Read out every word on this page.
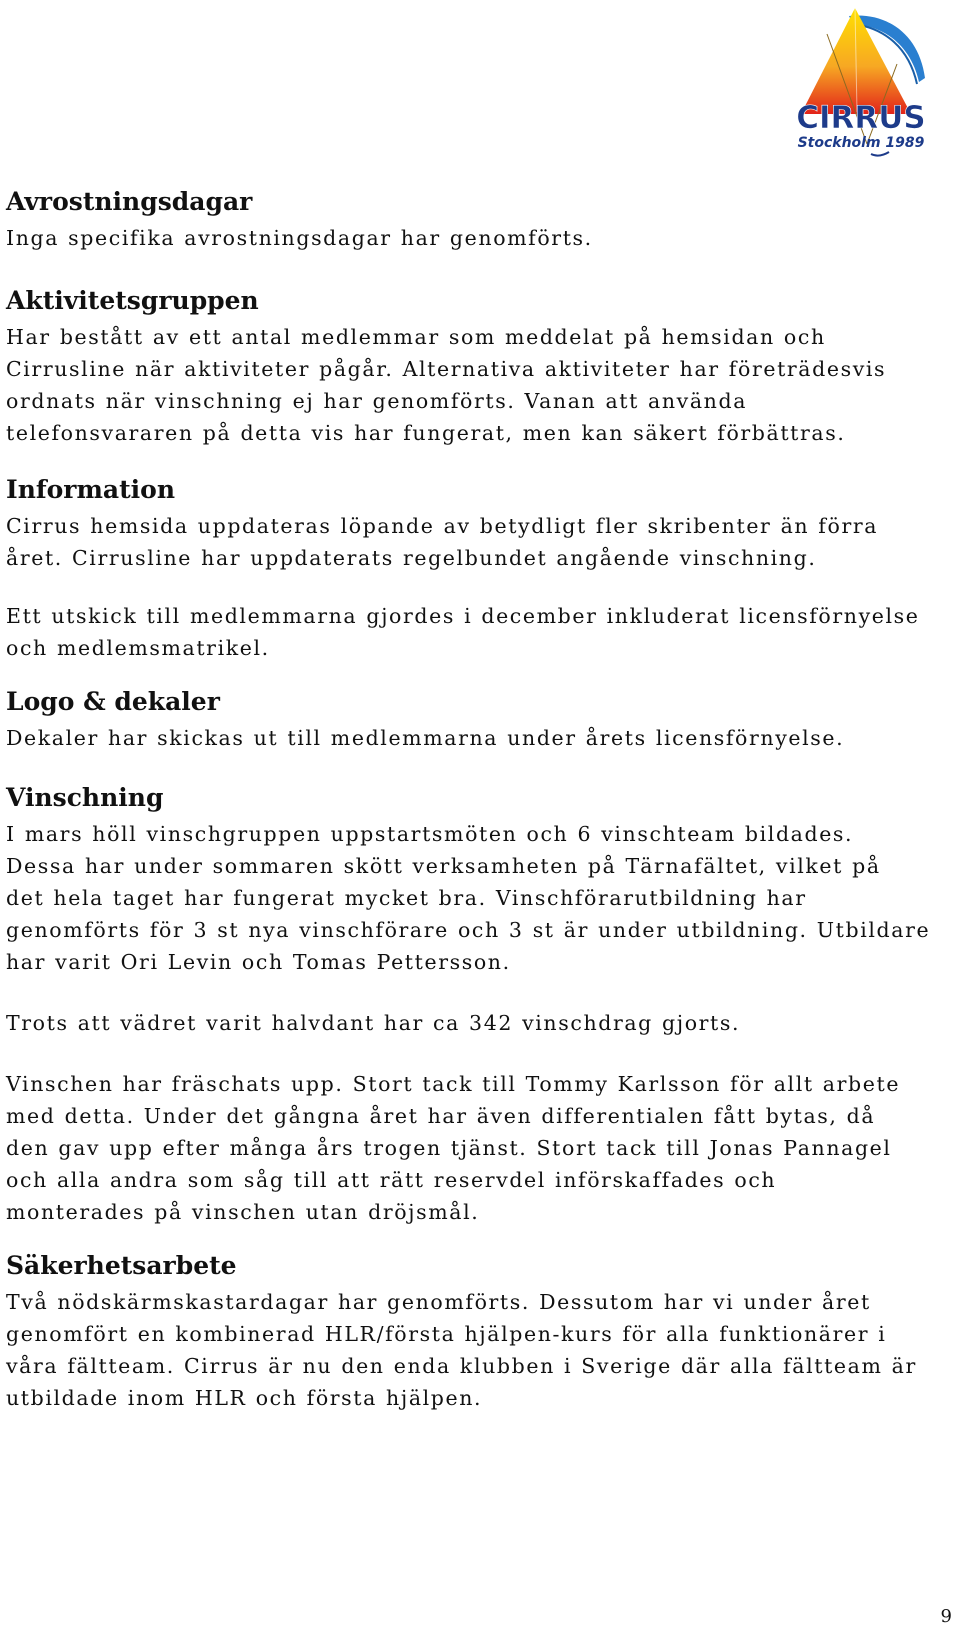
CIRRUS
Stockholm 1989
Avrostningsdagar

Inga specifika avrostningsdagar har genomförts.

Aktivitetsgruppen

Har bestått av ett antal medlemmar som meddelat på hemsidan och

Cirrusline när aktiviteter pågår. Alternativa aktiviteter har företrädesvis

ordnats när vinschning ej har genomförts. Vanan att använda

telefonsvararen på detta vis har fungerat, men kan säkert förbättras.

Information

Cirrus hemsida uppdateras löpande av betydligt fler skribenter än förra

året. Cirrusline har uppdaterats regelbundet angående vinschning.

Ett utskick till medlemmarna gjordes i december inkluderat licensförnyelse

och medlemsmatrikel.

Logo & dekaler

Dekaler har skickas ut till medlemmarna under årets licensförnyelse.

Vinschning

I mars höll vinschgruppen uppstartsmöten och 6 vinschteam bildades.

Dessa har under sommaren skött verksamheten på Tärnafältet, vilket på

det hela taget har fungerat mycket bra. Vinschförarutbildning har

genomförts för 3 st nya vinschförare och 3 st är under utbildning. Utbildare

har varit Ori Levin och Tomas Pettersson.

Trots att vädret varit halvdant har ca 342 vinschdrag gjorts.

Vinschen har fräschats upp. Stort tack till Tommy Karlsson för allt arbete

med detta. Under det gångna året har även differentialen fått bytas, då

den gav upp efter många års trogen tjänst. Stort tack till Jonas Pannagel

och alla andra som såg till att rätt reservdel införskaffades och

monterades på vinschen utan dröjsmål.

Säkerhetsarbete

Två nödskärmskastardagar har genomförts. Dessutom har vi under året

genomfört en kombinerad HLR/första hjälpen-kurs för alla funktionärer i

våra fältteam. Cirrus är nu den enda klubben i Sverige där alla fältteam är

utbildade inom HLR och första hjälpen.

9
